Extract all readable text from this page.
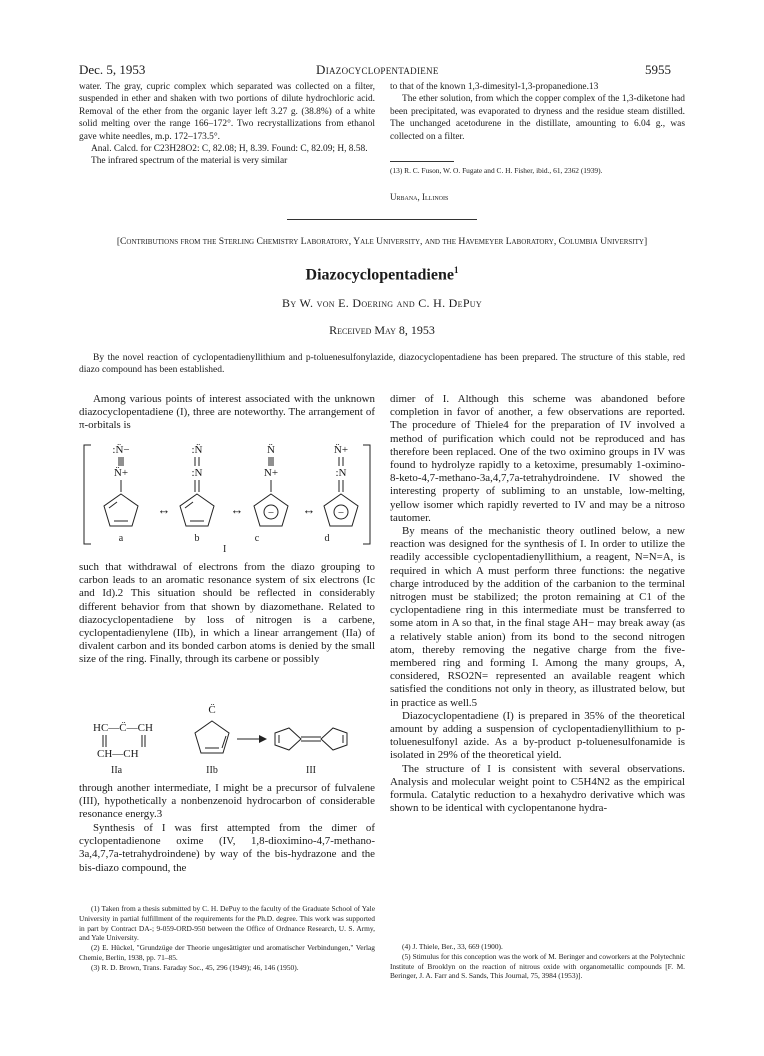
Dec. 5, 1953	Diazocyclopentadiene	5955

water. The gray, cupric complex which separated was collected on a filter, suspended in ether and shaken with two portions of dilute hydrochloric acid. Removal of the ether from the organic layer left 3.27 g. (38.8%) of a white solid melting over the range 166–172°. Two recrystallizations from ethanol gave white needles, m.p. 172–173.5°.

Anal. Calcd. for C23H28O2: C, 82.08; H, 8.39. Found: C, 82.09; H, 8.58.

The infrared spectrum of the material is very similar

to that of the known 1,3-dimesityl-1,3-propanedione.13

The ether solution, from which the copper complex of the 1,3-diketone had been precipitated, was evaporated to dryness and the residue steam distilled. The unchanged acetodurene in the distillate, amounting to 6.04 g., was collected on a filter.

(13) R. C. Fuson, W. O. Fugate and C. H. Fisher, ibid., 61, 2362 (1939).
Urbana, Illinois
[Contributions from the Sterling Chemistry Laboratory, Yale University, and the Havemeyer Laboratory, Columbia University]
Diazocyclopentadiene$^1$
By W. von E. Doering and C. H. DePuy
Received May 8, 1953
By the novel reaction of cyclopentadienyllithium and p-toluenesulfonylazide, diazocyclopentadiene has been prepared. The structure of this stable, red diazo compound has been established.
Among various points of interest associated with the unknown diazocyclopentadiene (I), three are noteworthy. The arrangement of π-orbitals is
:N̈−
N̈+
a
↔
:N̈
:N
b
↔
N̈
N+
−
c
↔
N̈+
:N
−
d
I
such that withdrawal of electrons from the diazo grouping to carbon leads to an aromatic resonance system of six electrons (Ic and Id).2 This situation should be reflected in considerably different behavior from that shown by diazomethane. Related to diazocyclopentadiene by loss of nitrogen is a carbene, cyclopentadienylene (IIb), in which a linear arrangement (IIa) of divalent carbon and its bonded carbon atoms is denied by the small size of the ring. Finally, through its carbene or possibly
HC—C̈—CH
CH—CH
IIa
C̈
IIb	III
through another intermediate, I might be a precursor of fulvalene (III), hypothetically a nonbenzenoid hydrocarbon of considerable resonance energy.3
Synthesis of I was first attempted from the dimer of cyclopentadienone oxime (IV, 1,8-dioximino-4,7-methano-3a,4,7,7a-tetrahydroindene) by way of the bis-hydrazone and the bis-diazo compound, the

dimer of I. Although this scheme was abandoned before completion in favor of another, a few observations are reported. The procedure of Thiele4 for the preparation of IV involved a method of purification which could not be reproduced and has therefore been replaced. One of the two oximino groups in IV was found to hydrolyze rapidly to a ketoxime, presumably 1-oximino-8-keto-4,7-methano-3a,4,7,7a-tetrahydroindene. IV showed the interesting property of subliming to an unstable, low-melting, yellow isomer which rapidly reverted to IV and may be a nitroso tautomer.

By means of the mechanistic theory outlined below, a new reaction was designed for the synthesis of I. In order to utilize the readily accessible cyclopentadienyllithium, a reagent, N=N=A, is required in which A must perform three functions: the negative charge introduced by the addition of the carbanion to the terminal nitrogen must be stabilized; the proton remaining at C1 of the cyclopentadiene ring in this intermediate must be transferred to some atom in A so that, in the final stage AH− may break away (as a relatively stable anion) from its bond to the second nitrogen atom, thereby removing the negative charge from the five-membered ring and forming I. Among the many groups, A, considered, RSO2N= represented an available reagent which satisfied the conditions not only in theory, as illustrated below, but in practice as well.5

Diazocyclopentadiene (I) is prepared in 35% of the theoretical amount by adding a suspension of cyclopentadienyllithium to p-toluenesulfonyl azide. As a by-product p-toluenesulfonamide is isolated in 29% of the theoretical yield.

The structure of I is consistent with several observations. Analysis and molecular weight point to C5H4N2 as the empirical formula. Catalytic reduction to a hexahydro derivative which was shown to be identical with cyclopentanone hydra-

(1) Taken from a thesis submitted by C. H. DePuy to the faculty of the Graduate School of Yale University in partial fulfillment of the requirements for the Ph.D. degree. This work was supported in part by Contract DA-; 9-059-ORD-950 between the Office of Ordnance Research, U. S. Army, and Yale University.

(2) E. Hückel, "Grundzüge der Theorie ungesättigter und aromatischer Verbindungen," Verlag Chemie, Berlin, 1938, pp. 71–85.

(3) R. D. Brown, Trans. Faraday Soc., 45, 296 (1949); 46, 146 (1950).

(4) J. Thiele, Ber., 33, 669 (1900).

(5) Stimulus for this conception was the work of M. Beringer and coworkers at the Polytechnic Institute of Brooklyn on the reaction of nitrous oxide with organometallic compounds [F. M. Beringer, J. A. Farr and S. Sands, This Journal, 75, 3984 (1953)].
